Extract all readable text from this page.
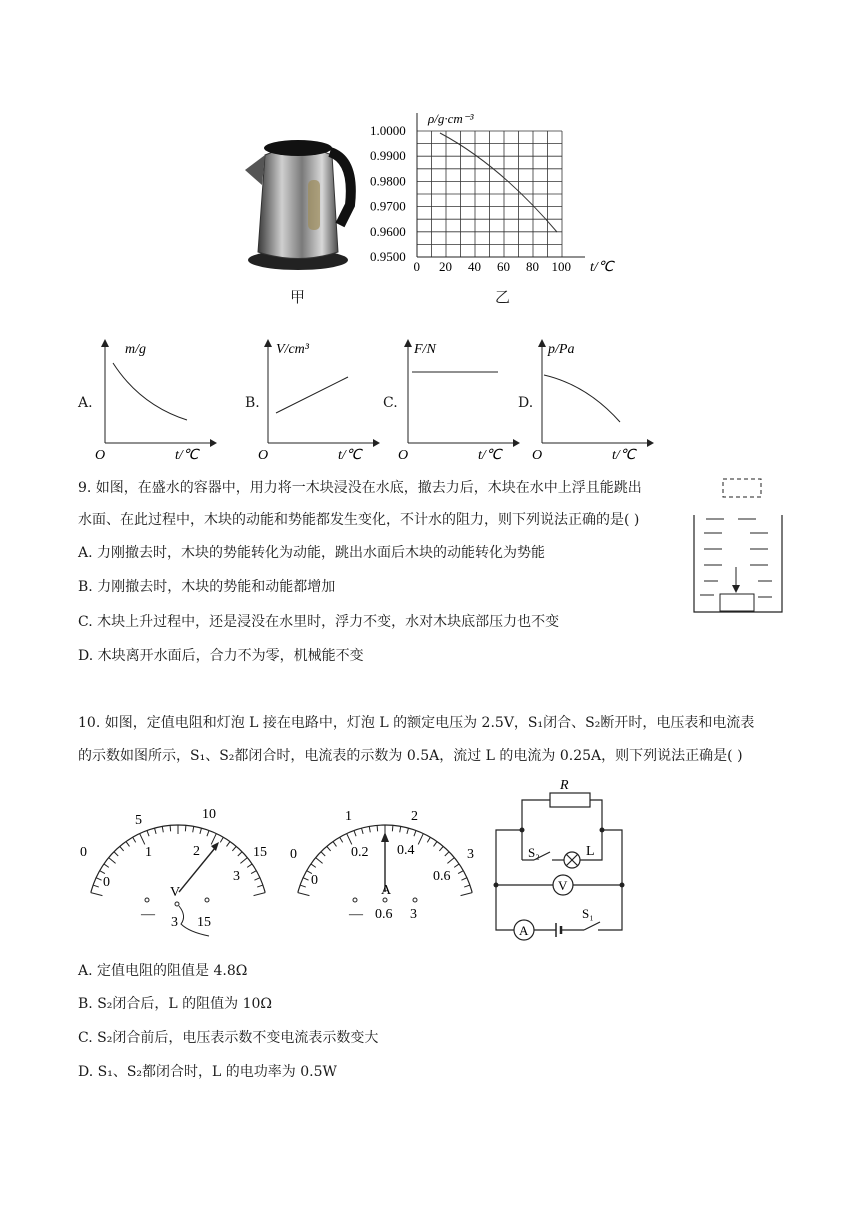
甲
ρ/g·cm⁻³
t/℃
1.0000
0.9900
0.9800
0.9700
0.9600
0.9500
0 20 40 60 80 100
乙
A.
m/g
t/℃
O
B.
V/cm³
t/℃
O
C.
F/N
t/℃
O
D.
p/Pa
t/℃
O
9. 如图，在盛水的容器中，用力将一木块浸没在水底，撤去力后，木块在水中上浮且能跳出
水面、在此过程中，木块的动能和势能都发生变化，不计水的阻力，则下列说法正确的是( )
A. 力刚撤去时，木块的势能转化为动能，跳出水面后木块的动能转化为势能
B. 力刚撤去时，木块的势能和动能都增加
C. 木块上升过程中，还是浸没在水里时，浮力不变，水对木块底部压力也不变
D. 木块离开水面后，合力不为零，机械能不变
10. 如图，定值电阻和灯泡 L 接在电路中，灯泡 L 的额定电压为 2.5V，S₁闭合、S₂断开时，电压表和电流表
的示数如图所示，S₁、S₂都闭合时，电流表的示数为 0.5A，流过 L 的电流为 0.25A，则下列说法正确是( )
0
5	10
15
0
1	2
3
V
—
3 15
0
1	2
3
0
0.2 0.4
0.6
A
— 0.6 3
R
S₂	L
V
A
S₁
A. 定值电阻的阻值是 4.8Ω
B. S₂闭合后，L 的阻值为 10Ω
C. S₂闭合前后，电压表示数不变电流表示数变大
D. S₁、S₂都闭合时，L 的电功率为 0.5W
